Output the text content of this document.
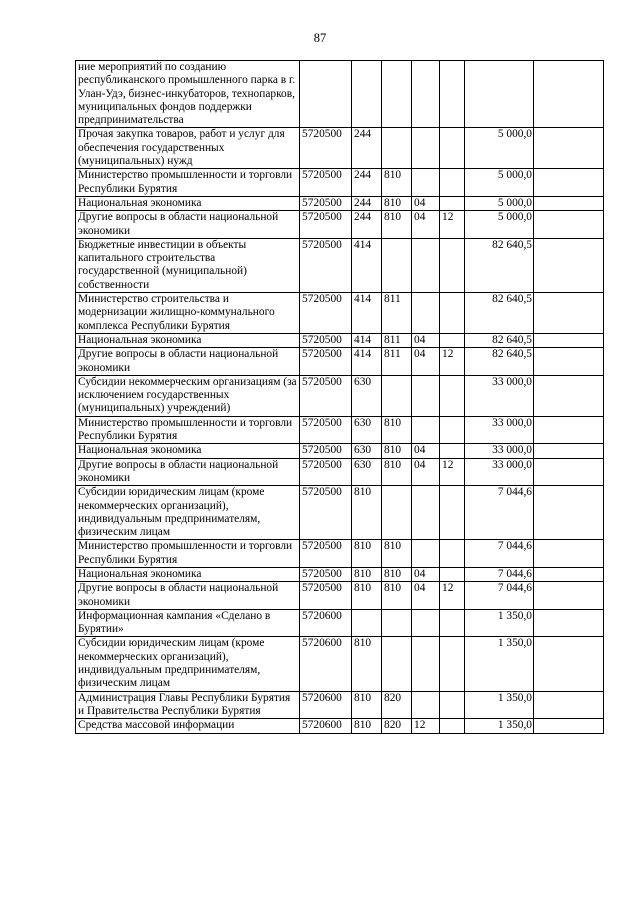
87
ние мероприятий по созданию республиканского промышленного парка в г. Улан-Удэ, бизнес-инкубаторов, технопарков, муниципальных фондов поддержки предпринимательства							
Прочая закупка товаров, работ и услуг для обеспечения государственных (муниципальных) нужд	5720500	244				5 000,0	
Министерство промышленности и торговли Республики Бурятия	5720500	244	810			5 000,0	
Национальная экономика	5720500	244	810	04		5 000,0	
Другие вопросы в области национальной экономики	5720500	244	810	04	12	5 000,0	
Бюджетные инвестиции в объекты капитального строительства государственной (муниципальной) собственности	5720500	414				82 640,5	
Министерство строительства и модернизации жилищно-коммунального комплекса Республики Бурятия	5720500	414	811			82 640,5	
Национальная экономика	5720500	414	811	04		82 640,5	
Другие вопросы в области национальной экономики	5720500	414	811	04	12	82 640,5	
Субсидии некоммерческим организациям (за исключением государственных (муниципальных) учреждений)	5720500	630				33 000,0	
Министерство промышленности и торговли Республики Бурятия	5720500	630	810			33 000,0	
Национальная экономика	5720500	630	810	04		33 000,0	
Другие вопросы в области национальной экономики	5720500	630	810	04	12	33 000,0	
Субсидии юридическим лицам (кроме некоммерческих организаций), индивидуальным предпринимателям, физическим лицам	5720500	810				7 044,6	
Министерство промышленности и торговли Республики Бурятия	5720500	810	810			7 044,6	
Национальная экономика	5720500	810	810	04		7 044,6	
Другие вопросы в области национальной экономики	5720500	810	810	04	12	7 044,6	
Информационная кампания «Сделано в Бурятии»	5720600					1 350,0	
Субсидии юридическим лицам (кроме некоммерческих организаций), индивидуальным предпринимателям, физическим лицам	5720600	810				1 350,0	
Администрация Главы Республики Бурятия и Правительства Республики Бурятия	5720600	810	820			1 350,0	
Средства массовой информации	5720600	810	820	12		1 350,0	
